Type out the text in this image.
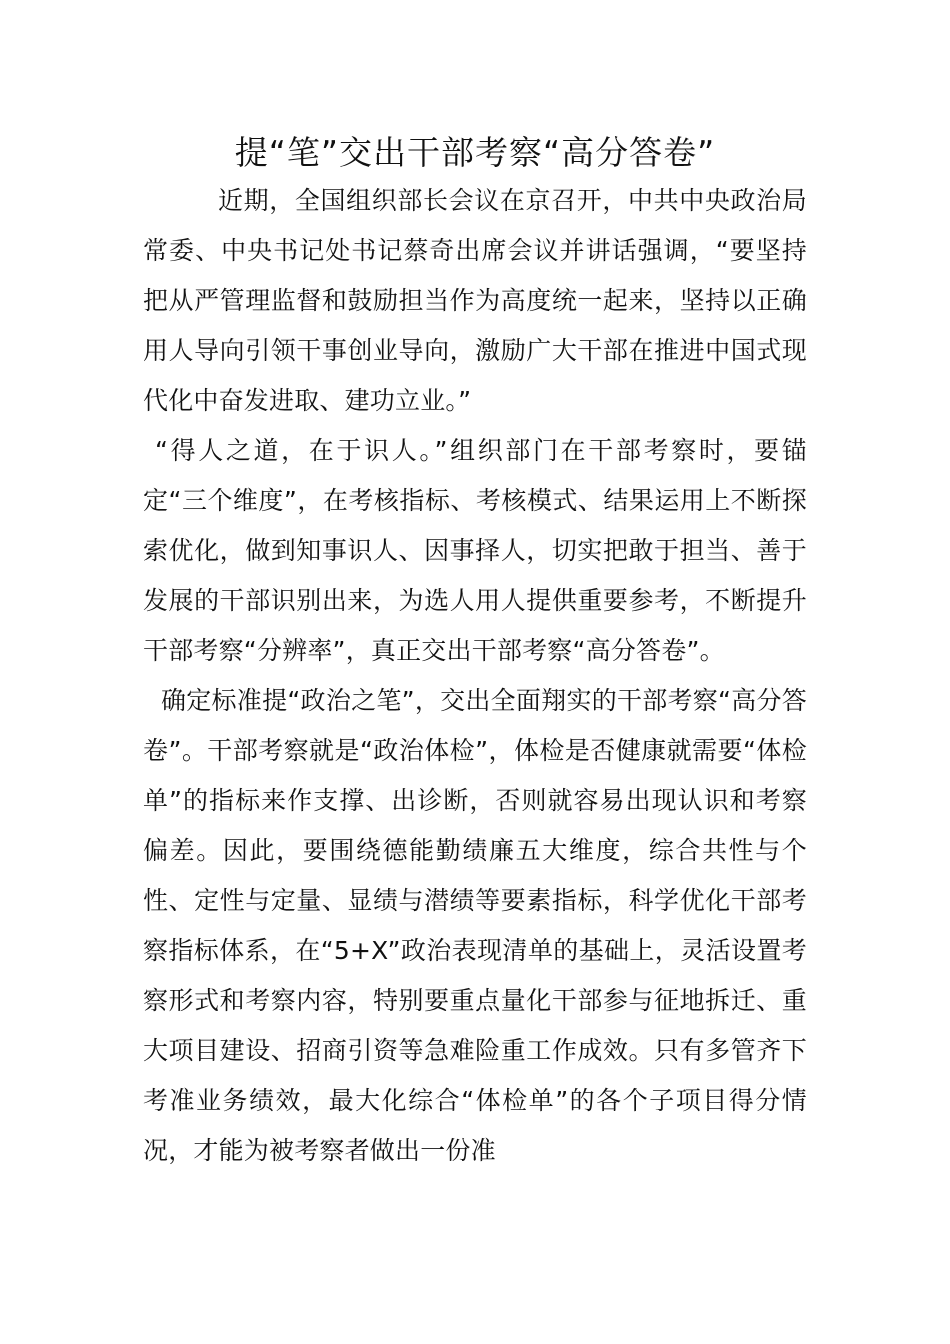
提“笔”交出干部考察“高分答卷”

近期，全国组织部长会议在京召开，中共中央政治局常委、中央书记处书记蔡奇出席会议并讲话强调，“要坚持把从严管理监督和鼓励担当作为高度统一起来，坚持以正确用人导向引领干事创业导向，激励广大干部在推进中国式现代化中奋发进取、建功立业。”

“得人之道，在于识人。”组织部门在干部考察时，要锚定“三个维度”，在考核指标、考核模式、结果运用上不断探索优化，做到知事识人、因事择人，切实把敢于担当、善于发展的干部识别出来，为选人用人提供重要参考，不断提升干部考察“分辨率”，真正交出干部考察“高分答卷”。

确定标准提“政治之笔”，交出全面翔实的干部考察“高分答卷”。干部考察就是“政治体检”，体检是否健康就需要“体检单”的指标来作支撑、出诊断，否则就容易出现认识和考察偏差。因此，要围绕德能勤绩廉五大维度，综合共性与个性、定性与定量、显绩与潜绩等要素指标，科学优化干部考察指标体系，在“5+X”政治表现清单的基础上，灵活设置考察形式和考察内容，特别要重点量化干部参与征地拆迁、重大项目建设、招商引资等急难险重工作成效。只有多管齐下考准业务绩效，最大化综合“体检单”的各个子项目得分情况，才能为被考察者做出一份准
